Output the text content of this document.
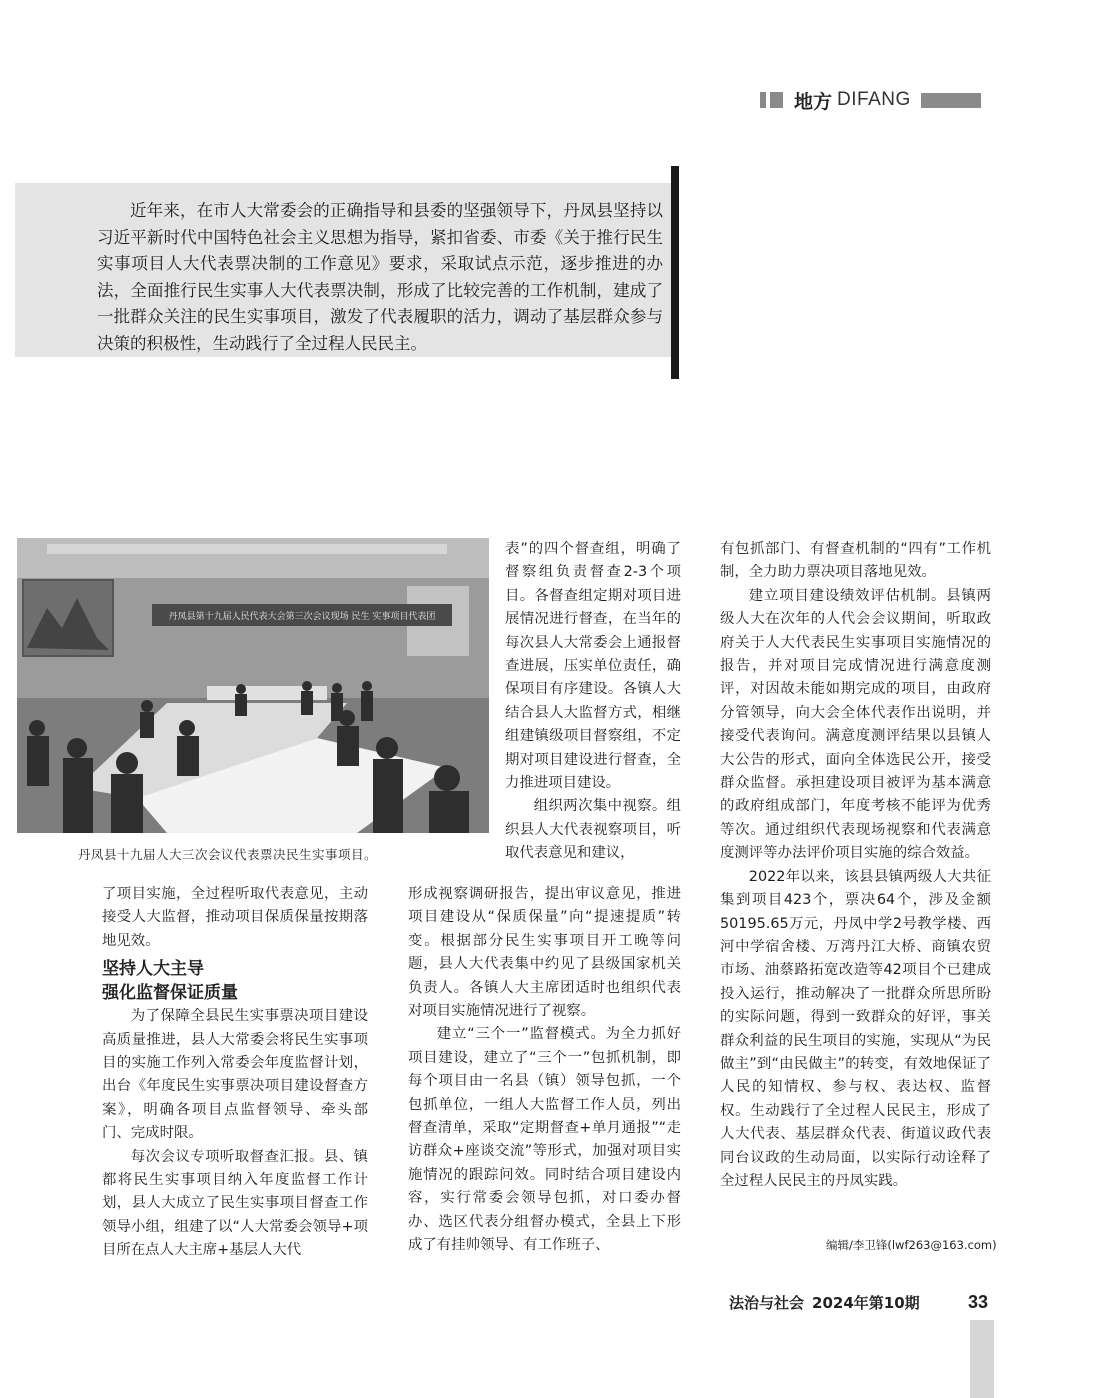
地方 DIFANG

近年来，在市人大常委会的正确指导和县委的坚强领导下，丹凤县坚持以习近平新时代中国特色社会主义思想为指导，紧扣省委、市委《关于推行民生实事项目人大代表票决制的工作意见》要求，采取试点示范，逐步推进的办法，全面推行民生实事人大代表票决制，形成了比较完善的工作机制，建成了一批群众关注的民生实事项目，激发了代表履职的活力，调动了基层群众参与决策的积极性，生动践行了全过程人民民主。

丹凤县第十九届人民代表大会第三次会议现场 民生 实事项目代表团

丹凤县十九届人大三次会议代表票决民生实事项目。

表”的四个督查组，明确了督察组负责督查2-3个项目。各督查组定期对项目进展情况进行督查，在当年的每次县人大常委会上通报督查进展，压实单位责任，确保项目有序建设。各镇人大结合县人大监督方式，相继组建镇级项目督察组，不定期对项目建设进行督查，全力推进项目建设。

组织两次集中视察。组织县人大代表视察项目，听取代表意见和建议，

形成视察调研报告，提出审议意见，推进项目建设从“保质保量”向“提速提质”转变。根据部分民生实事项目开工晚等问题，县人大代表集中约见了县级国家机关负责人。各镇人大主席团适时也组织代表对项目实施情况进行了视察。

建立“三个一”监督模式。为全力抓好项目建设，建立了“三个一”包抓机制，即每个项目由一名县（镇）领导包抓，一个包抓单位，一组人大监督工作人员，列出督查清单，采取“定期督查+单月通报”“走访群众+座谈交流”等形式，加强对项目实施情况的跟踪问效。同时结合项目建设内容，实行常委会领导包抓，对口委办督办、选区代表分组督办模式，全县上下形成了有挂帅领导、有工作班子、

了项目实施，全过程听取代表意见，主动接受人大监督，推动项目保质保量按期落地见效。

坚持人大主导
强化监督保证质量

为了保障全县民生实事票决项目建设高质量推进，县人大常委会将民生实事项目的实施工作列入常委会年度监督计划，出台《年度民生实事票决项目建设督查方案》，明确各项目点监督领导、牵头部门、完成时限。

每次会议专项听取督查汇报。县、镇都将民生实事项目纳入年度监督工作计划，县人大成立了民生实事项目督查工作领导小组，组建了以“人大常委会领导+项目所在点人大主席+基层人大代

有包抓部门、有督查机制的“四有”工作机制，全力助力票决项目落地见效。

建立项目建设绩效评估机制。县镇两级人大在次年的人代会会议期间，听取政府关于人大代表民生实事项目实施情况的报告，并对项目完成情况进行满意度测评，对因故未能如期完成的项目，由政府分管领导，向大会全体代表作出说明，并接受代表询问。满意度测评结果以县镇人大公告的形式，面向全体选民公开，接受群众监督。承担建设项目被评为基本满意的政府组成部门，年度考核不能评为优秀等次。通过组织代表现场视察和代表满意度测评等办法评价项目实施的综合效益。

2022年以来，该县县镇两级人大共征集到项目423个，票决64个，涉及金额50195.65万元，丹凤中学2号教学楼、西河中学宿舍楼、万湾丹江大桥、商镇农贸市场、油蔡路拓宽改造等42项目个已建成投入运行，推动解决了一批群众所思所盼的实际问题，得到一致群众的好评，事关群众利益的民生项目的实施，实现从“为民做主”到“由民做主”的转变，有效地保证了人民的知情权、参与权、表达权、监督权。生动践行了全过程人民民主，形成了人大代表、基层群众代表、街道议政代表同台议政的生动局面，以实际行动诠释了全过程人民民主的丹凤实践。

编辑/李卫锋(lwf263@163.com)

法治与社会 2024年第10期	33
